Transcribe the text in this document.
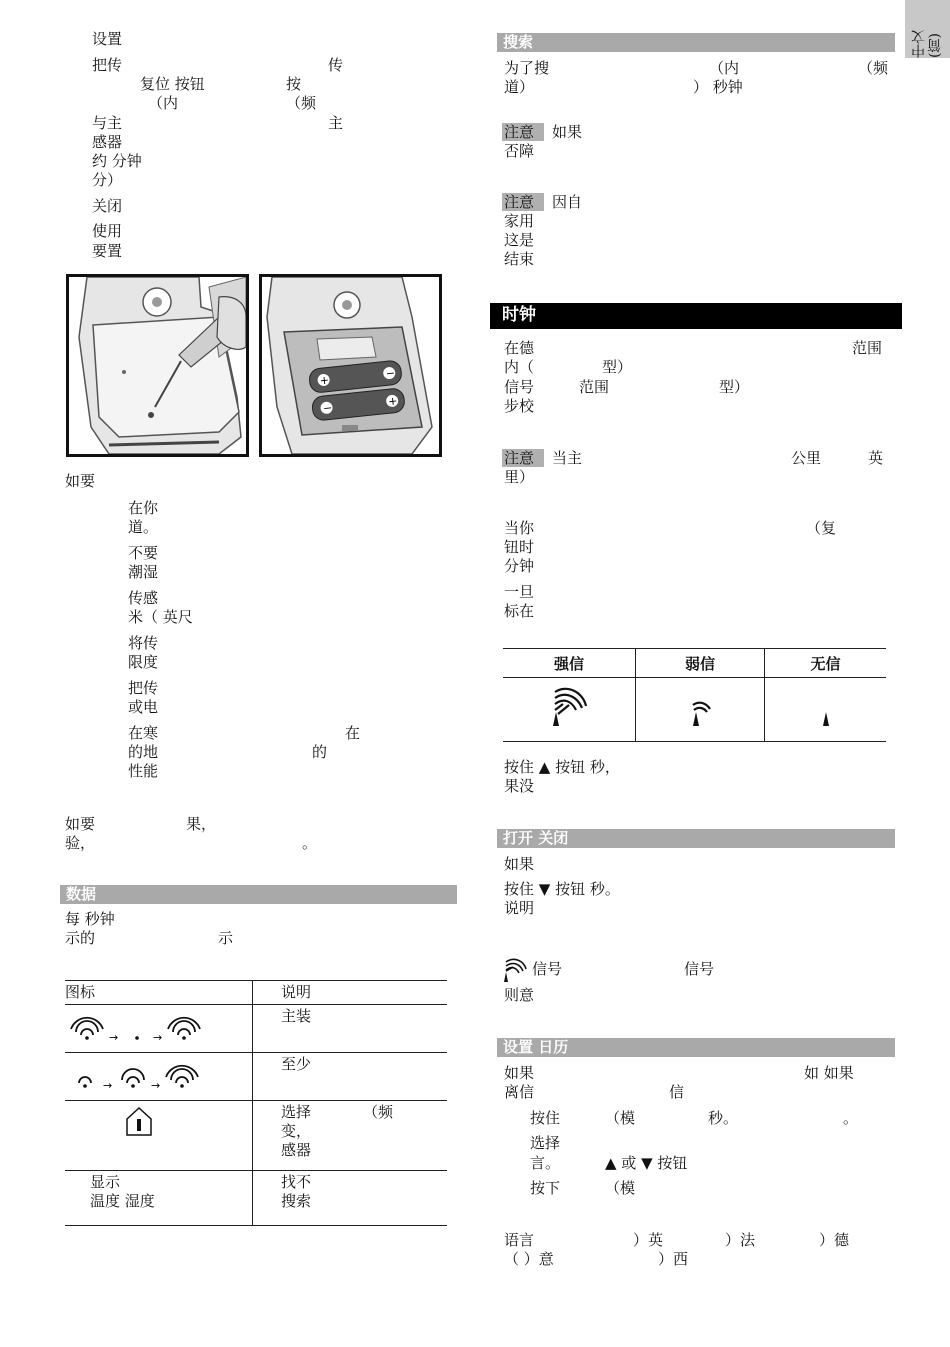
中文(简)
设置
把传	传
复位 按钮	按
（内	（频
与主	主
感器
约 分钟
分）
关闭
使用
要置
+
−
−	+
如要
在你
道。
不要
潮湿
传感
米（ 英尺
将传
限度
把传
或电
在寒	在
的地	的
性能
如要	果，
验，	。
数据
每 秒钟
示的	示
图标	说明

→ →	主装

→ →	至少
	选择 （频
变，
感器
显示
温度 湿度	找不
搜索
搜索
为了搜	（内	（频
道）	） 秒钟
注意 如果
否障
注意 因自
家用
这是
结束
时钟
在德	范围
内（	型）
信号	范围	型）
步校
注意 当主	公里	英
里）
当你	（复
钮时
分钟
一旦
标在
强信	弱信	无信

按住 ▲ 按钮 秒，
果没
打开 关闭
如果
按住 ▼ 按钮 秒。
说明
信号	信号
则意
设置 日历
如果	如 如果
离信	信
按住	（模	秒。	。
选择
言。	▲ 或 ▼ 按钮
按下	（模
语言	）英	）法	）德
（ ）意	）西
